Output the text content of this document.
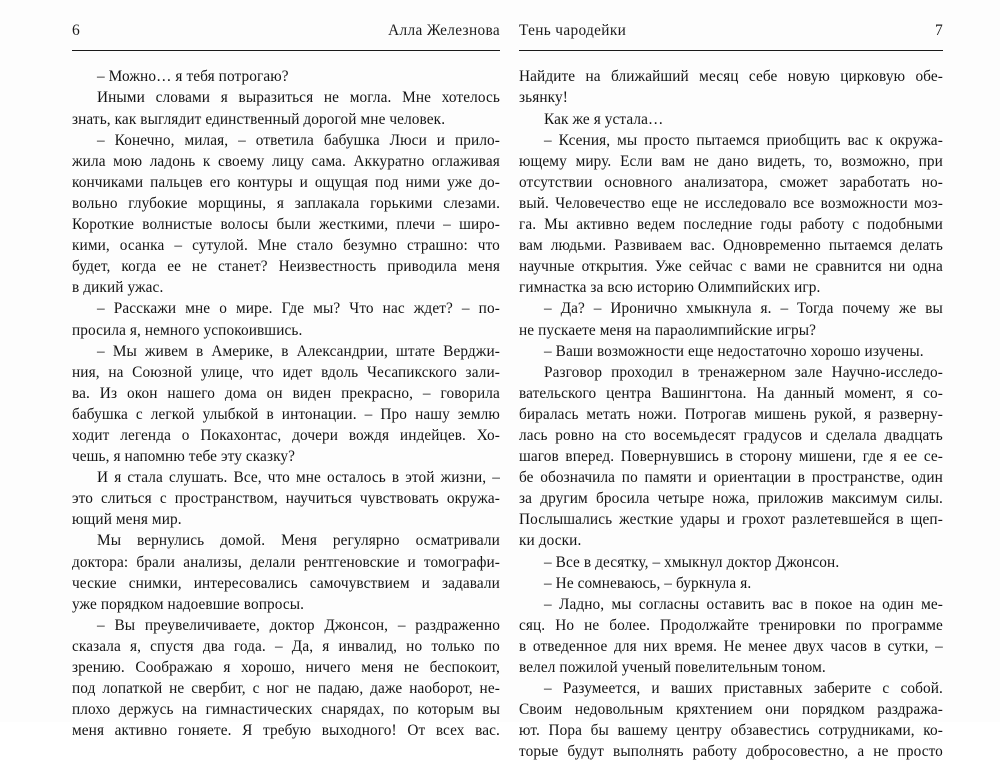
6	Алла Железнова
– Можно… я тебя потрогаю?
Иными словами я выразиться не могла. Мне хотелось
знать, как выглядит единственный дорогой мне человек.
– Конечно, милая, – ответила бабушка Люси и прило-
жила мою ладонь к своему лицу сама. Аккуратно оглаживая
кончиками пальцев его контуры и ощущая под ними уже до-
вольно глубокие морщины, я заплакала горькими слезами.
Короткие волнистые волосы были жесткими, плечи – широ-
кими, осанка – сутулой. Мне стало безумно страшно: что
будет, когда ее не станет? Неизвестность приводила меня
в дикий ужас.
– Расскажи мне о мире. Где мы? Что нас ждет? – по-
просила я, немного успокоившись.
– Мы живем в Америке, в Александрии, штате Верджи-
ния, на Союзной улице, что идет вдоль Чесапикского зали-
ва. Из окон нашего дома он виден прекрасно, – говорила
бабушка с легкой улыбкой в интонации. – Про нашу землю
ходит легенда о Покахонтас, дочери вождя индейцев. Хо-
чешь, я напомню тебе эту сказку?
И я стала слушать. Все, что мне осталось в этой жизни, –
это слиться с пространством, научиться чувствовать окружа-
ющий меня мир.
Мы вернулись домой. Меня регулярно осматривали
доктора: брали анализы, делали рентгеновские и томографи-
ческие снимки, интересовались самочувствием и задавали
уже порядком надоевшие вопросы.
– Вы преувеличиваете, доктор Джонсон, – раздраженно
сказала я, спустя два года. – Да, я инвалид, но только по
зрению. Соображаю я хорошо, ничего меня не беспокоит,
под лопаткой не свербит, с ног не падаю, даже наоборот, не-
плохо держусь на гимнастических снарядах, по которым вы
меня активно гоняете. Я требую выходного! От всех вас.
Тень чародейки	7
Найдите на ближайший месяц себе новую цирковую обе-
зьянку!
Как же я устала…
– Ксения, мы просто пытаемся приобщить вас к окружа-
ющему миру. Если вам не дано видеть, то, возможно, при
отсутствии основного анализатора, сможет заработать но-
вый. Человечество еще не исследовало все возможности моз-
га. Мы активно ведем последние годы работу с подобными
вам людьми. Развиваем вас. Одновременно пытаемся делать
научные открытия. Уже сейчас с вами не сравнится ни одна
гимнастка за всю историю Олимпийских игр.
– Да? – Иронично хмыкнула я. – Тогда почему же вы
не пускаете меня на параолимпийские игры?
– Ваши возможности еще недостаточно хорошо изучены.
Разговор проходил в тренажерном зале Научно-исследо-
вательского центра Вашингтона. На данный момент, я со-
биралась метать ножи. Потрогав мишень рукой, я разверну-
лась ровно на сто восемьдесят градусов и сделала двадцать
шагов вперед. Повернувшись в сторону мишени, где я ее се-
бе обозначила по памяти и ориентации в пространстве, один
за другим бросила четыре ножа, приложив максимум силы.
Послышались жесткие удары и грохот разлетевшейся в щеп-
ки доски.
– Все в десятку, – хмыкнул доктор Джонсон.
– Не сомневаюсь, – буркнула я.
– Ладно, мы согласны оставить вас в покое на один ме-
сяц. Но не более. Продолжайте тренировки по программе
в отведенное для них время. Не менее двух часов в сутки, –
велел пожилой ученый повелительным тоном.
– Разумеется, и ваших приставных заберите с собой.
Своим недовольным кряхтением они порядком раздража-
ют. Пора бы вашему центру обзавестись сотрудниками, ко-
торые будут выполнять работу добросовестно, а не просто
